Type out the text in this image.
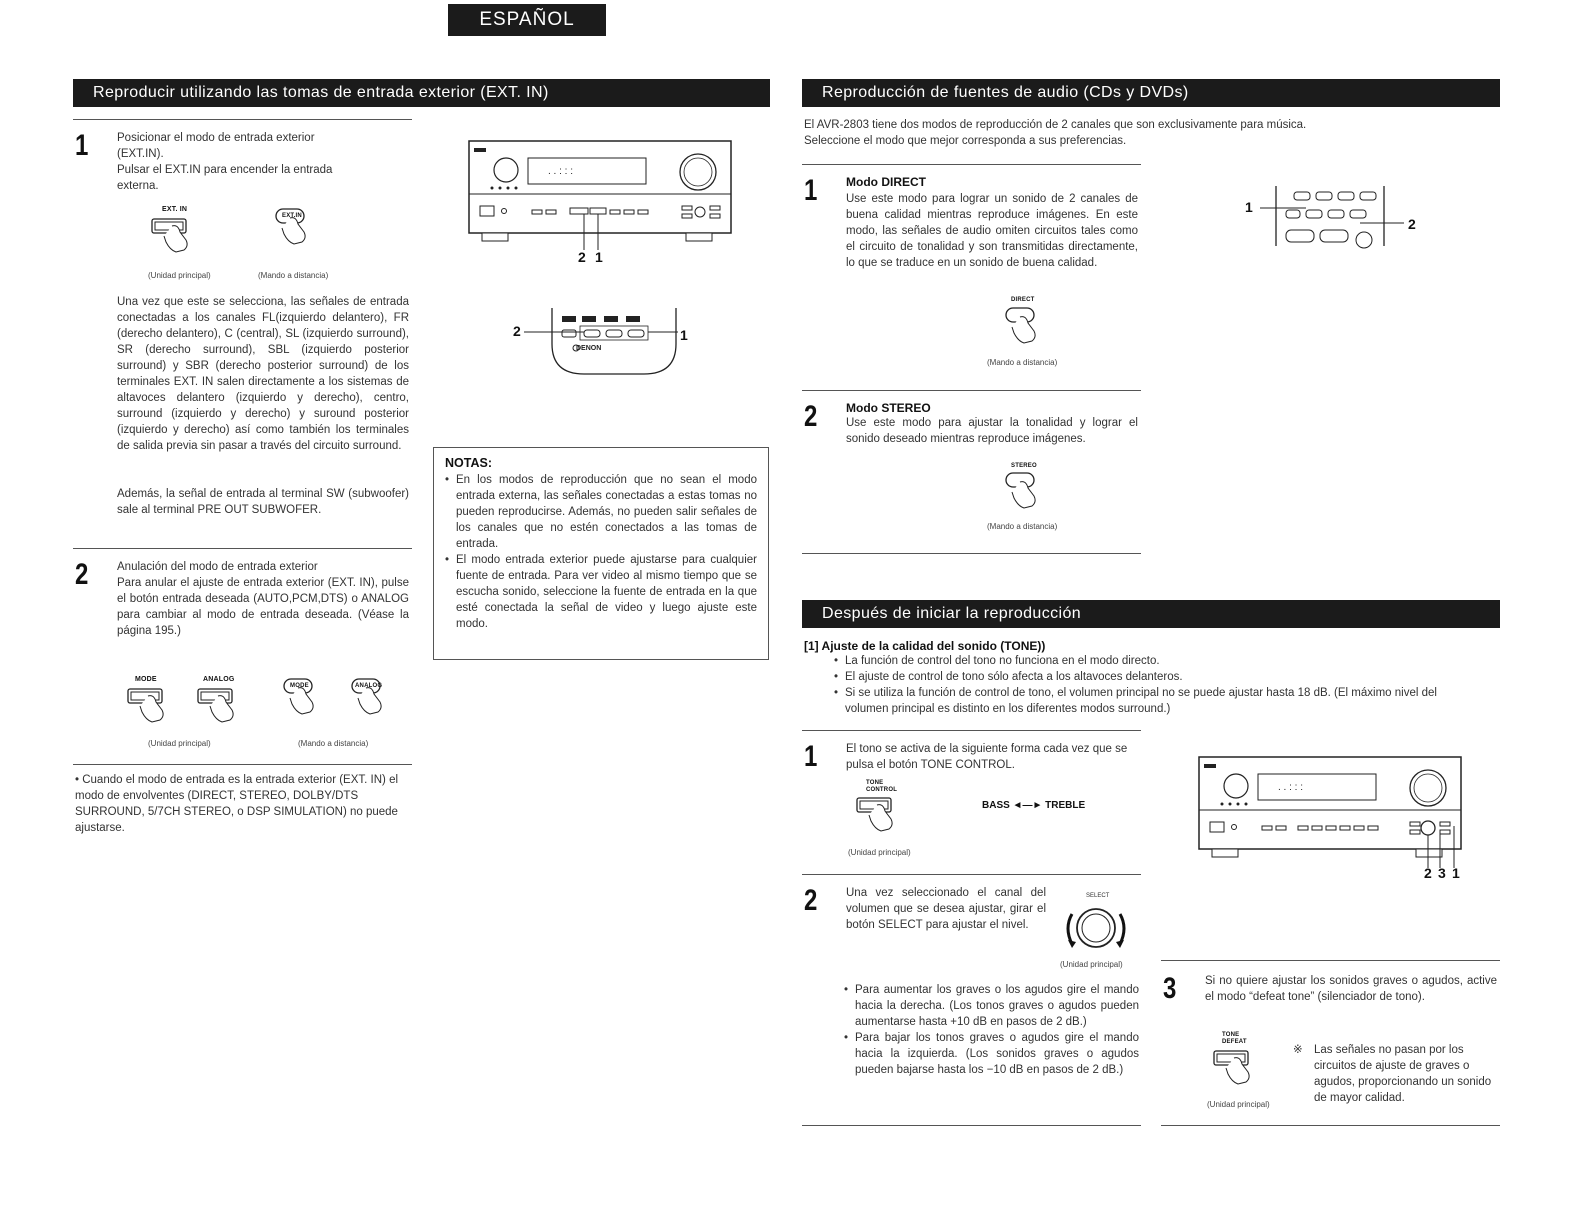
ESPAÑOL
Reproducir utilizando las tomas de entrada exterior (EXT. IN)
1 Posicionar el modo de entrada exterior
(EXT.IN).
Pulsar el EXT.IN para encender la entrada
externa.
EXT. IN
EXT.IN
(Unidad principal)	(Mando a distancia)
Una vez que este se selecciona, las señales de entrada conectadas a los canales FL(izquierdo delantero), FR (derecho delantero), C (central), SL (izquierdo surround), SR (derecho surround), SBL (izquierdo posterior surround) y SBR (derecho posterior surround) de los terminales EXT. IN salen directamente a los sistemas de altavoces delantero (izquierdo y derecho), centro, surround (izquierdo y derecho) y suround posterior (izquierdo y derecho) así como también los terminales de salida previa sin pasar a través del circuito surround.
Además, la señal de entrada al terminal SW (subwoofer) sale al terminal PRE OUT SUBWOFER.
2 Anulación del modo de entrada exterior
Para anular el ajuste de entrada exterior (EXT. IN), pulse el botón entrada deseada (AUTO,PCM,DTS) o ANALOG para cambiar al modo de entrada deseada. (Véase la página 195.)
MODE	ANALOG
MODE	ANALOG
(Unidad principal)	(Mando a distancia)
• Cuando el modo de entrada es la entrada exterior (EXT. IN) el modo de envolventes (DIRECT, STEREO, DOLBY/DTS SURROUND, 5/7CH STEREO, o DSP SIMULATION) no puede ajustarse.
. . : : :
2 1
DENON
2	1
NOTAS:
• En los modos de reproducción que no sean el modo entrada externa, las señales conectadas a estas tomas no pueden reproducirse. Además, no pueden salir señales de los canales que no estén conectados a las tomas de entrada.
• El modo entrada exterior puede ajustarse para cualquier fuente de entrada. Para ver video al mismo tiempo que se escucha sonido, seleccione la fuente de entrada en la que esté conectada la señal de video y luego ajuste este modo.
Reproducción de fuentes de audio (CDs y DVDs)
El AVR-2803 tiene dos modos de reproducción de 2 canales que son exclusivamente para música.
Seleccione el modo que mejor corresponda a sus preferencias.
1 Modo DIRECT
Use este modo para lograr un sonido de 2 canales de buena calidad mientras reproduce imágenes. En este modo, las señales de audio omiten circuitos tales como el circuito de tonalidad y son transmitidas directamente, lo que se traduce en un sonido de buena calidad.
DIRECT
(Mando a distancia)
2 Modo STEREO
Use este modo para ajustar la tonalidad y lograr el sonido deseado mientras reproduce imágenes.
STEREO
(Mando a distancia)
1
2
Después de iniciar la reproducción
[1] Ajuste de la calidad del sonido (TONE))
• La función de control del tono no funciona en el modo directo.
• El ajuste de control de tono sólo afecta a los altavoces delanteros.
• Si se utiliza la función de control de tono, el volumen principal no se puede ajustar hasta 18 dB. (El máximo nivel del volumen principal es distinto en los diferentes modos surround.)
1 El tono se activa de la siguiente forma cada vez que se pulsa el botón TONE CONTROL.
TONE CONTROL
BASS ◄—► TREBLE
(Unidad principal)
2 Una vez seleccionado el canal del volumen que se desea ajustar, girar el botón SELECT para ajustar el nivel.
SELECT
(Unidad principal)
• Para aumentar los graves o los agudos gire el mando hacia la derecha. (Los tonos graves o agudos pueden aumentarse hasta +10 dB en pasos de 2 dB.)
• Para bajar los tonos graves o agudos gire el mando hacia la izquierda. (Los sonidos graves o agudos pueden bajarse hasta los −10 dB en pasos de 2 dB.)
. . : : :
2 3 1
3 Si no quiere ajustar los sonidos graves o agudos, active el modo “defeat tone” (silenciador de tono).
TONE DEFEAT
※ Las señales no pasan por los circuitos de ajuste de graves o agudos, proporcionando un sonido de mayor calidad.
(Unidad principal)
